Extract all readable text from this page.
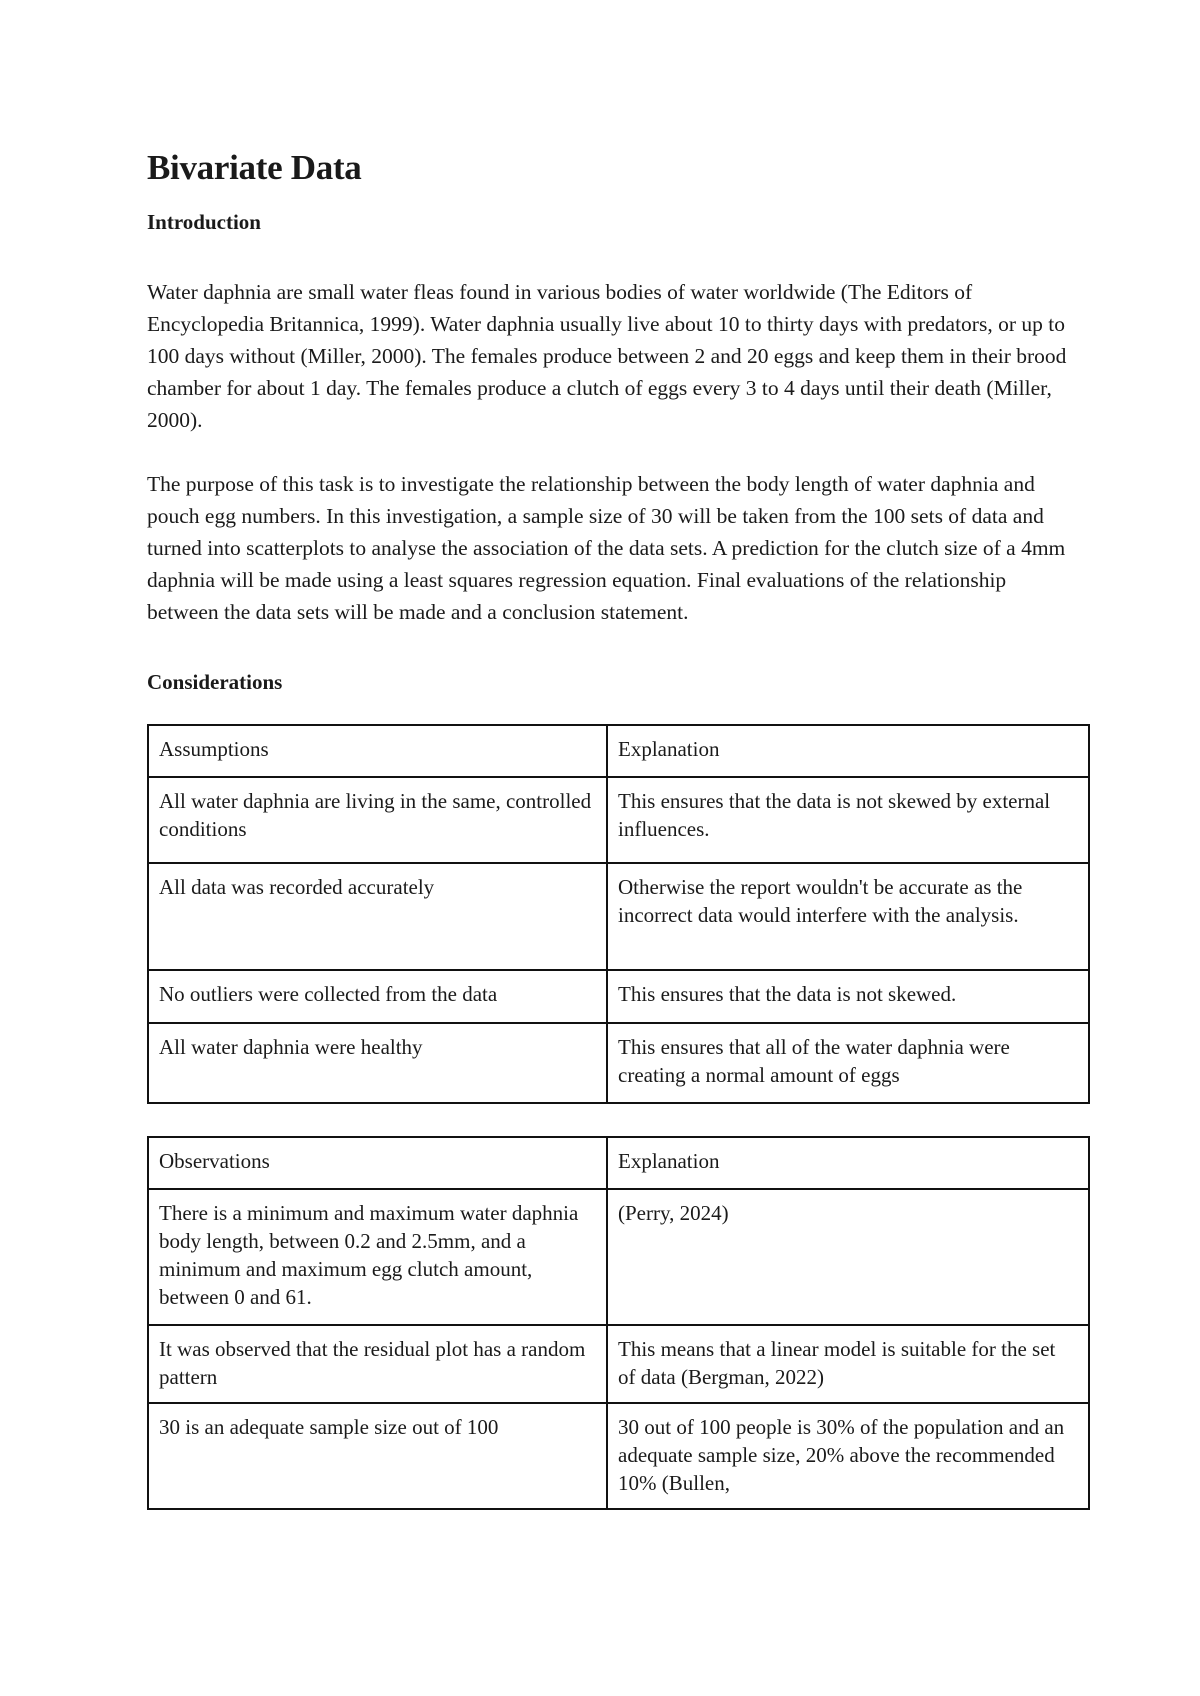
Bivariate Data
Introduction

Water daphnia are small water fleas found in various bodies of water worldwide (The Editors of Encyclopedia Britannica, 1999). Water daphnia usually live about 10 to thirty days with predators, or up to 100 days without (Miller, 2000). The females produce between 2 and 20 eggs and keep them in their brood chamber for about 1 day. The females produce a clutch of eggs every 3 to 4 days until their death (Miller, 2000).

The purpose of this task is to investigate the relationship between the body length of water daphnia and pouch egg numbers. In this investigation, a sample size of 30 will be taken from the 100 sets of data and turned into scatterplots to analyse the association of the data sets. A prediction for the clutch size of a 4mm daphnia will be made using a least squares regression equation. Final evaluations of the relationship between the data sets will be made and a conclusion statement.

Considerations
Assumptions	Explanation
All water daphnia are living in the same, controlled conditions	This ensures that the data is not skewed by external influences.
All data was recorded accurately	Otherwise the report wouldn't be accurate as the incorrect data would interfere with the analysis.
No outliers were collected from the data	This ensures that the data is not skewed.
All water daphnia were healthy	This ensures that all of the water daphnia were creating a normal amount of eggs
Observations	Explanation
There is a minimum and maximum water daphnia body length, between 0.2 and 2.5mm, and a minimum and maximum egg clutch amount, between 0 and 61.	(Perry, 2024)
It was observed that the residual plot has a random pattern	This means that a linear model is suitable for the set of data (Bergman, 2022)
30 is an adequate sample size out of 100	30 out of 100 people is 30% of the population and an adequate sample size, 20% above the recommended 10% (Bullen,
